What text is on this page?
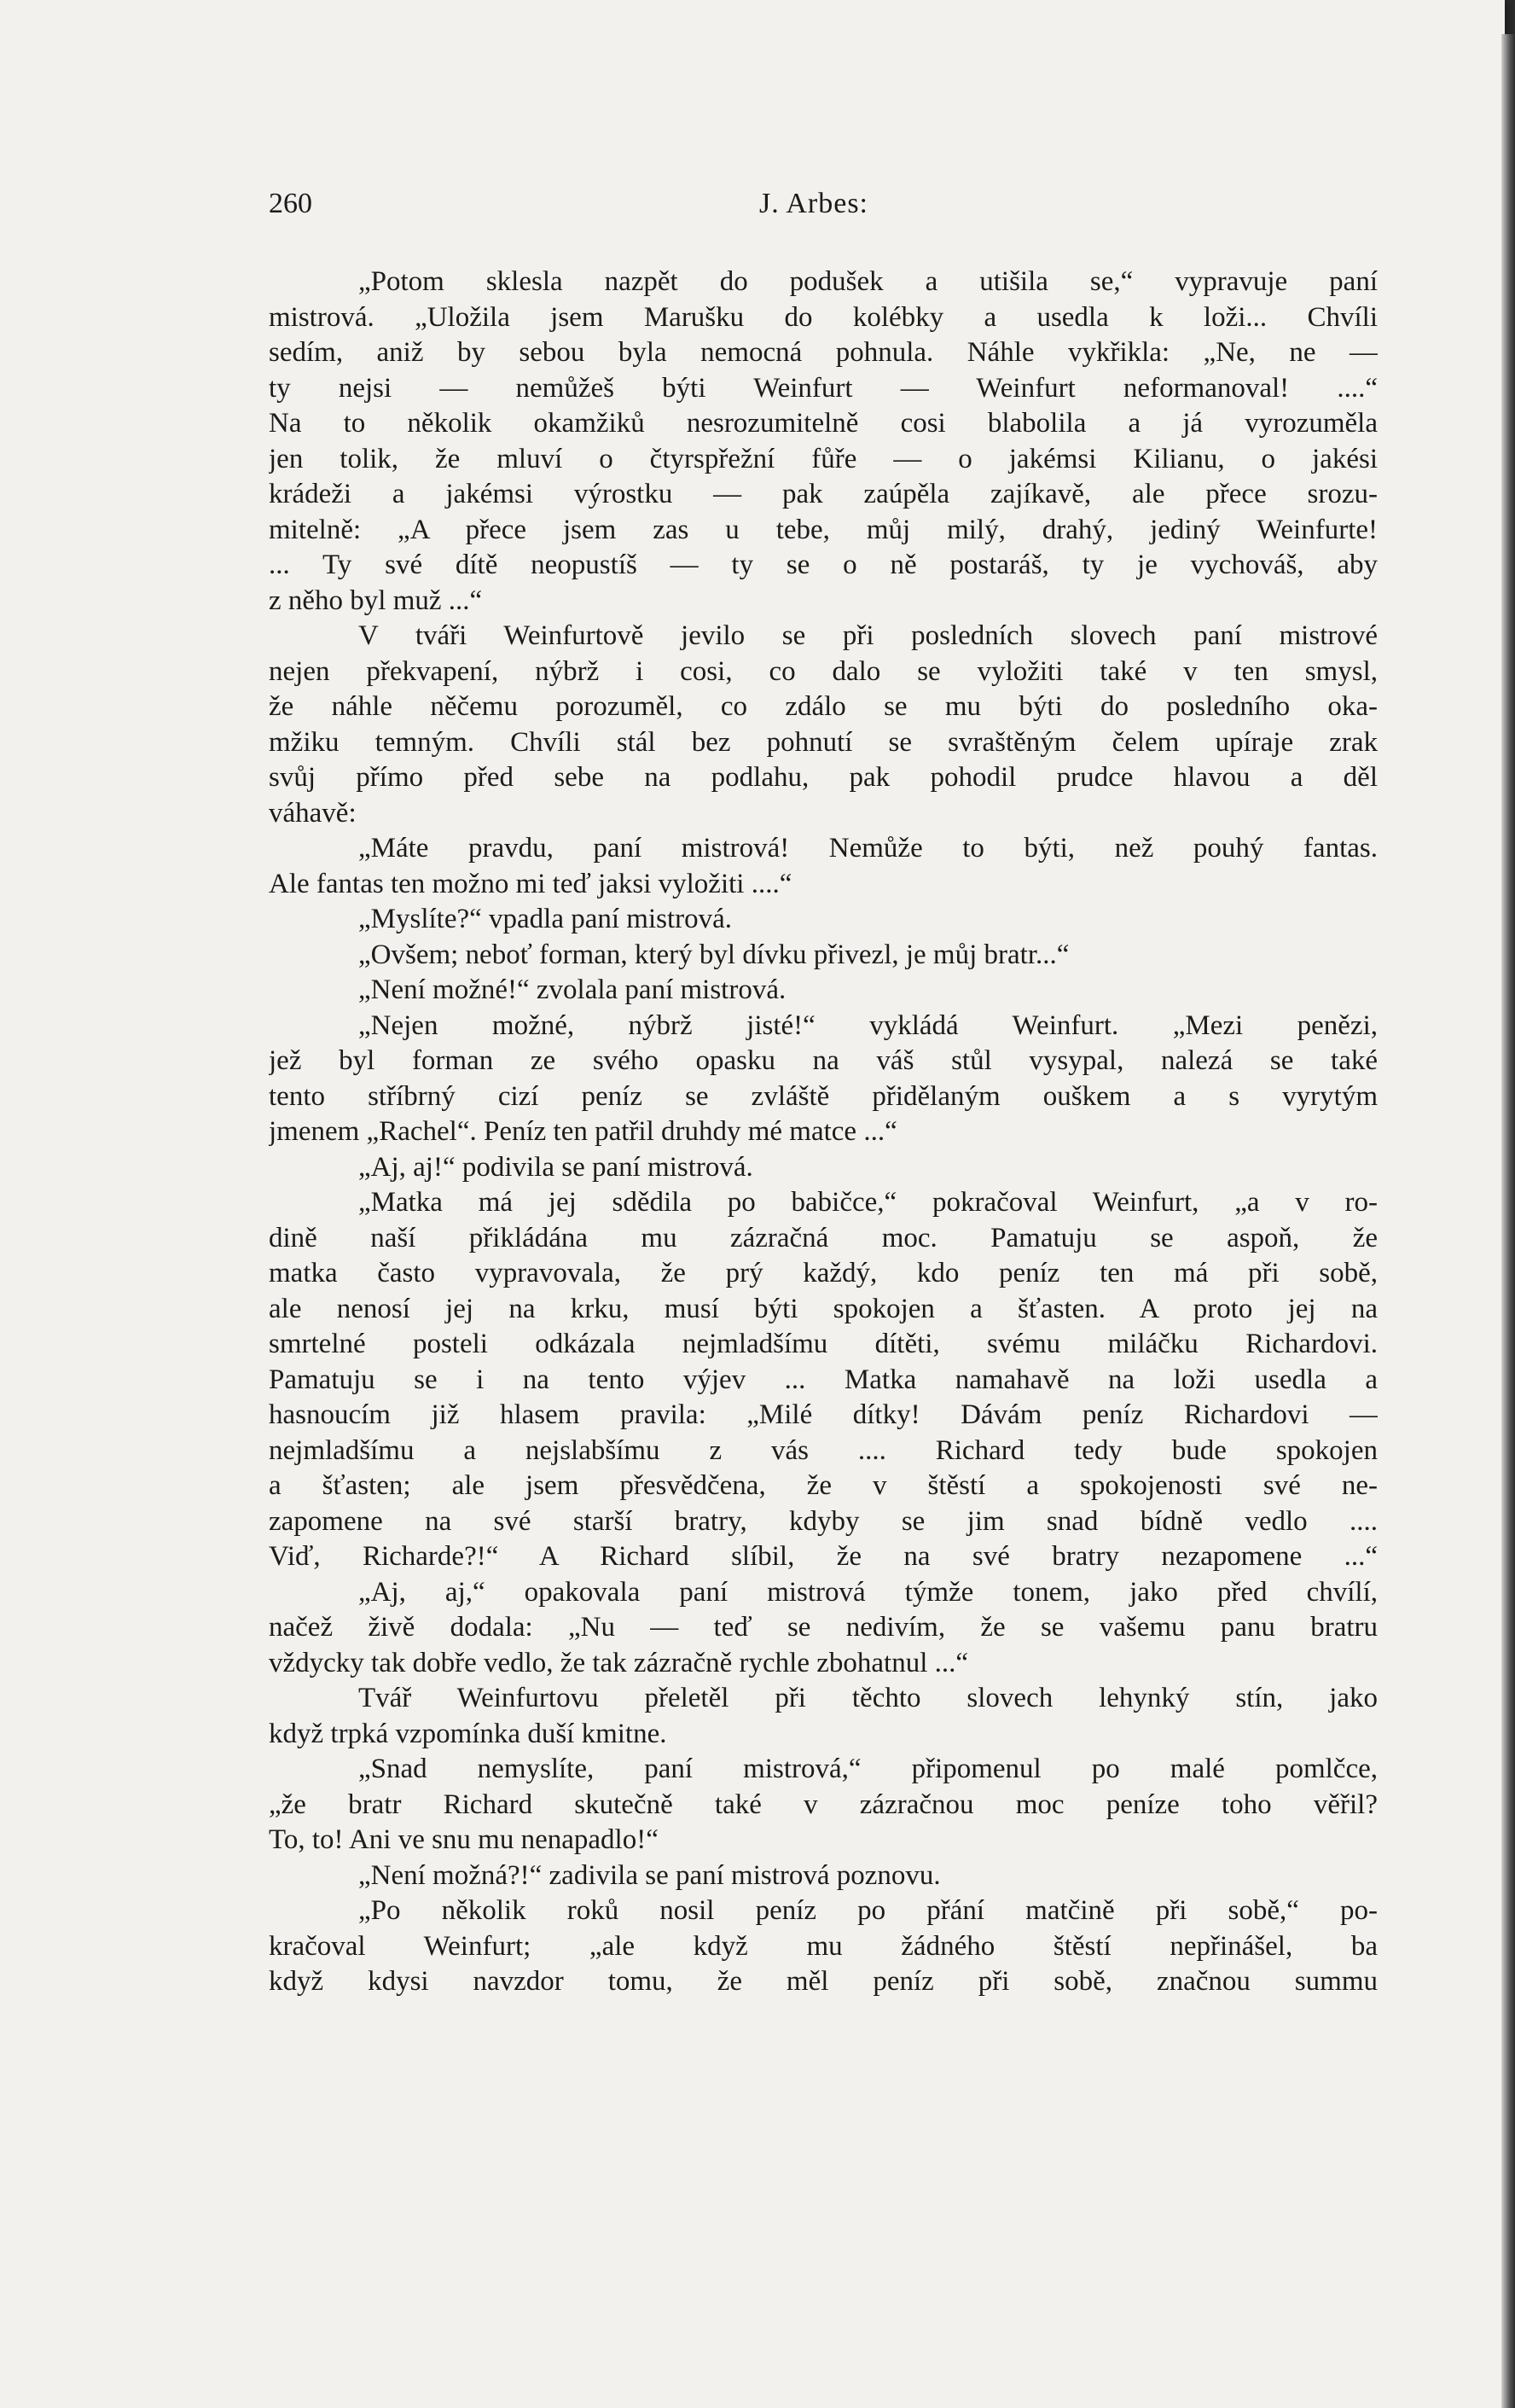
260	J. Arbes:
„Potom sklesla nazpět do podušek a utišila se,“ vypravuje paní
mistrová. „Uložila jsem Marušku do kolébky a usedla k loži... Chvíli
sedím, aniž by sebou byla nemocná pohnula. Náhle vykřikla: „Ne, ne —
ty nejsi — nemůžeš býti Weinfurt — Weinfurt neformanoval! ....“
Na to několik okamžiků nesrozumitelně cosi blabolila a já vyrozuměla
jen tolik, že mluví o čtyrspřežní fůře — o jakémsi Kilianu, o jakési
krádeži a jakémsi výrostku — pak zaúpěla zajíkavě, ale přece srozu-
mitelně: „A přece jsem zas u tebe, můj milý, drahý, jediný Weinfurte!
... Ty své dítě neopustíš — ty se o ně postaráš, ty je vychováš, aby
z něho byl muž ...“
V tváři Weinfurtově jevilo se při posledních slovech paní mistrové
nejen překvapení, nýbrž i cosi, co dalo se vyložiti také v ten smysl,
že náhle něčemu porozuměl, co zdálo se mu býti do posledního oka-
mžiku temným. Chvíli stál bez pohnutí se svraštěným čelem upíraje zrak
svůj přímo před sebe na podlahu, pak pohodil prudce hlavou a děl
váhavě:
„Máte pravdu, paní mistrová! Nemůže to býti, než pouhý fantas.
Ale fantas ten možno mi teď jaksi vyložiti ....“
„Myslíte?“ vpadla paní mistrová.
„Ovšem; neboť forman, který byl dívku přivezl, je můj bratr...“
„Není možné!“ zvolala paní mistrová.
„Nejen možné, nýbrž jisté!“ vykládá Weinfurt. „Mezi penězi,
jež byl forman ze svého opasku na váš stůl vysypal, nalezá se také
tento stříbrný cizí peníz se zvláště přidělaným ouškem a s vyrytým
jmenem „Rachel“. Peníz ten patřil druhdy mé matce ...“
„Aj, aj!“ podivila se paní mistrová.
„Matka má jej sdědila po babičce,“ pokračoval Weinfurt, „a v ro-
dině naší přikládána mu zázračná moc. Pamatuju se aspoň, že
matka často vypravovala, že prý každý, kdo peníz ten má při sobě,
ale nenosí jej na krku, musí býti spokojen a šťasten. A proto jej na
smrtelné posteli odkázala nejmladšímu dítěti, svému miláčku Richardovi.
Pamatuju se i na tento výjev ... Matka namahavě na loži usedla a
hasnoucím již hlasem pravila: „Milé dítky! Dávám peníz Richardovi —
nejmladšímu a nejslabšímu z vás .... Richard tedy bude spokojen
a šťasten; ale jsem přesvědčena, že v štěstí a spokojenosti své ne-
zapomene na své starší bratry, kdyby se jim snad bídně vedlo ....
Viď, Richarde?!“ A Richard slíbil, že na své bratry nezapomene ...“
„Aj, aj,“ opakovala paní mistrová týmže tonem, jako před chvílí,
načež živě dodala: „Nu — teď se nedivím, že se vašemu panu bratru
vždycky tak dobře vedlo, že tak zázračně rychle zbohatnul ...“
Tvář Weinfurtovu přeletěl při těchto slovech lehynký stín, jako
když trpká vzpomínka duší kmitne.
„Snad nemyslíte, paní mistrová,“ připomenul po malé pomlčce,
„že bratr Richard skutečně také v zázračnou moc peníze toho věřil?
To, to! Ani ve snu mu nenapadlo!“
„Není možná?!“ zadivila se paní mistrová poznovu.
„Po několik roků nosil peníz po přání matčině při sobě,“ po-
kračoval Weinfurt; „ale když mu žádného štěstí nepřinášel, ba
když kdysi navzdor tomu, že měl peníz při sobě, značnou summu
